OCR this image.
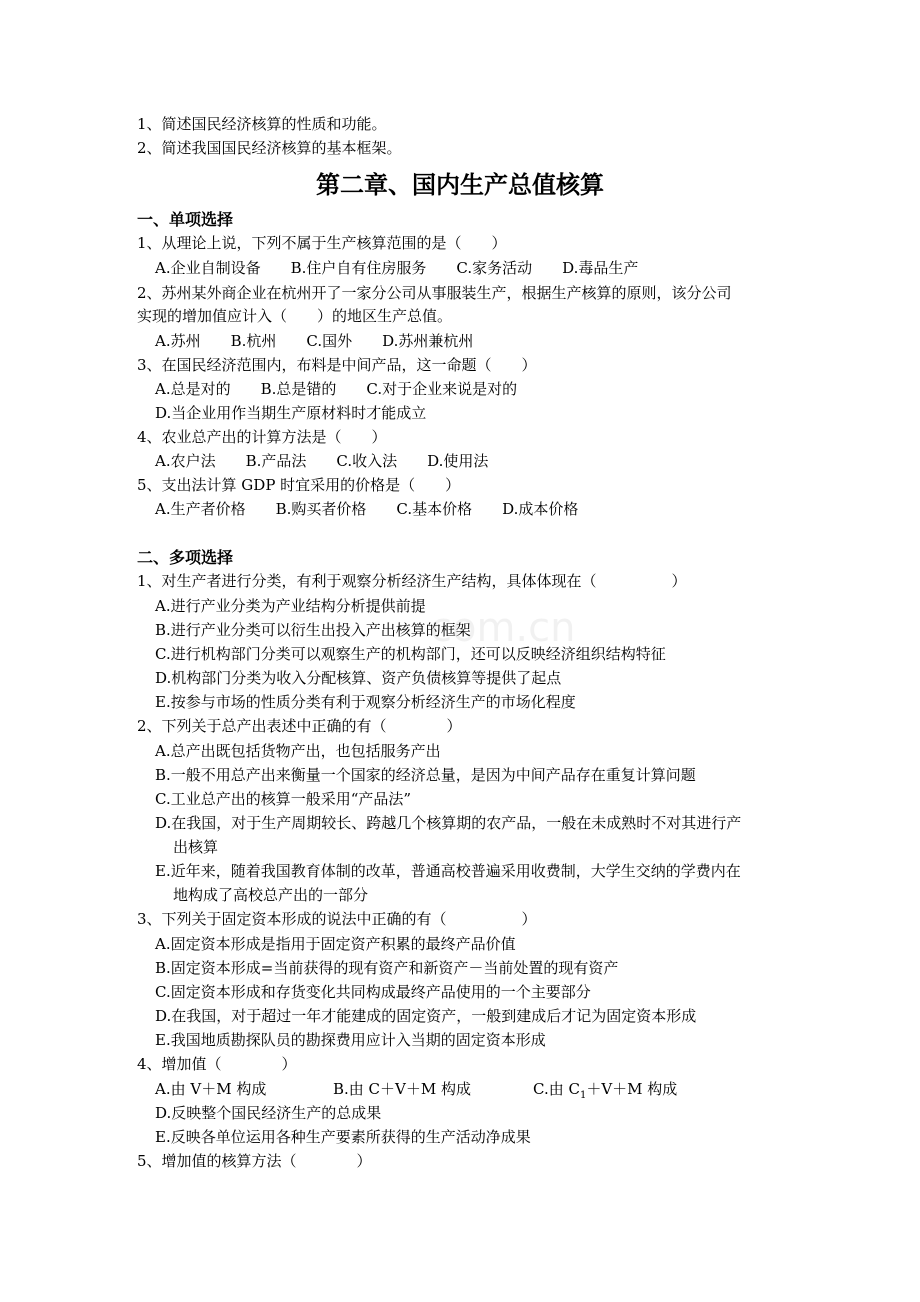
com.cn
1、简述国民经济核算的性质和功能。
2、简述我国国民经济核算的基本框架。
第二章、国内生产总值核算
一、单项选择
1、从理论上说，下列不属于生产核算范围的是（　　）
A.企业自制设备　　B.住户自有住房服务　　C.家务活动　　D.毒品生产
2、苏州某外商企业在杭州开了一家分公司从事服装生产，根据生产核算的原则，该分公司
实现的增加值应计入（　　）的地区生产总值。
A.苏州　　B.杭州　　C.国外　　D.苏州兼杭州
3、在国民经济范围内，布料是中间产品，这一命题（　　）
A.总是对的　　B.总是错的　　C.对于企业来说是对的
D.当企业用作当期生产原材料时才能成立
4、农业总产出的计算方法是（　　）
A.农户法　　B.产品法　　C.收入法　　D.使用法
5、支出法计算 GDP 时宜采用的价格是（　　）
A.生产者价格　　B.购买者价格　　C.基本价格　　D.成本价格
二、多项选择
1、对生产者进行分类，有利于观察分析经济生产结构，具体体现在（　　　　　）
A.进行产业分类为产业结构分析提供前提
B.进行产业分类可以衍生出投入产出核算的框架
C.进行机构部门分类可以观察生产的机构部门，还可以反映经济组织结构特征
D.机构部门分类为收入分配核算、资产负债核算等提供了起点
E.按参与市场的性质分类有利于观察分析经济生产的市场化程度
2、下列关于总产出表述中正确的有（　　　　）
A.总产出既包括货物产出，也包括服务产出
B.一般不用总产出来衡量一个国家的经济总量，是因为中间产品存在重复计算问题
C.工业总产出的核算一般采用“产品法”
D.在我国，对于生产周期较长、跨越几个核算期的农产品，一般在未成熟时不对其进行产
出核算
E.近年来，随着我国教育体制的改革，普通高校普遍采用收费制，大学生交纳的学费内在
地构成了高校总产出的一部分
3、下列关于固定资本形成的说法中正确的有（　　　　　）
A.固定资本形成是指用于固定资产积累的最终产品价值
B.固定资本形成=当前获得的现有资产和新资产－当前处置的现有资产
C.固定资本形成和存货变化共同构成最终产品使用的一个主要部分
D.在我国，对于超过一年才能建成的固定资产，一般到建成后才记为固定资本形成
E.我国地质勘探队员的勘探费用应计入当期的固定资本形成
4、增加值（　　　　）
A.由 V＋M 构成	B.由 C＋V＋M 构成	C.由 $C_1+V+M$ 构成
D.反映整个国民经济生产的总成果
E.反映各单位运用各种生产要素所获得的生产活动净成果
5、增加值的核算方法（　　　　）
